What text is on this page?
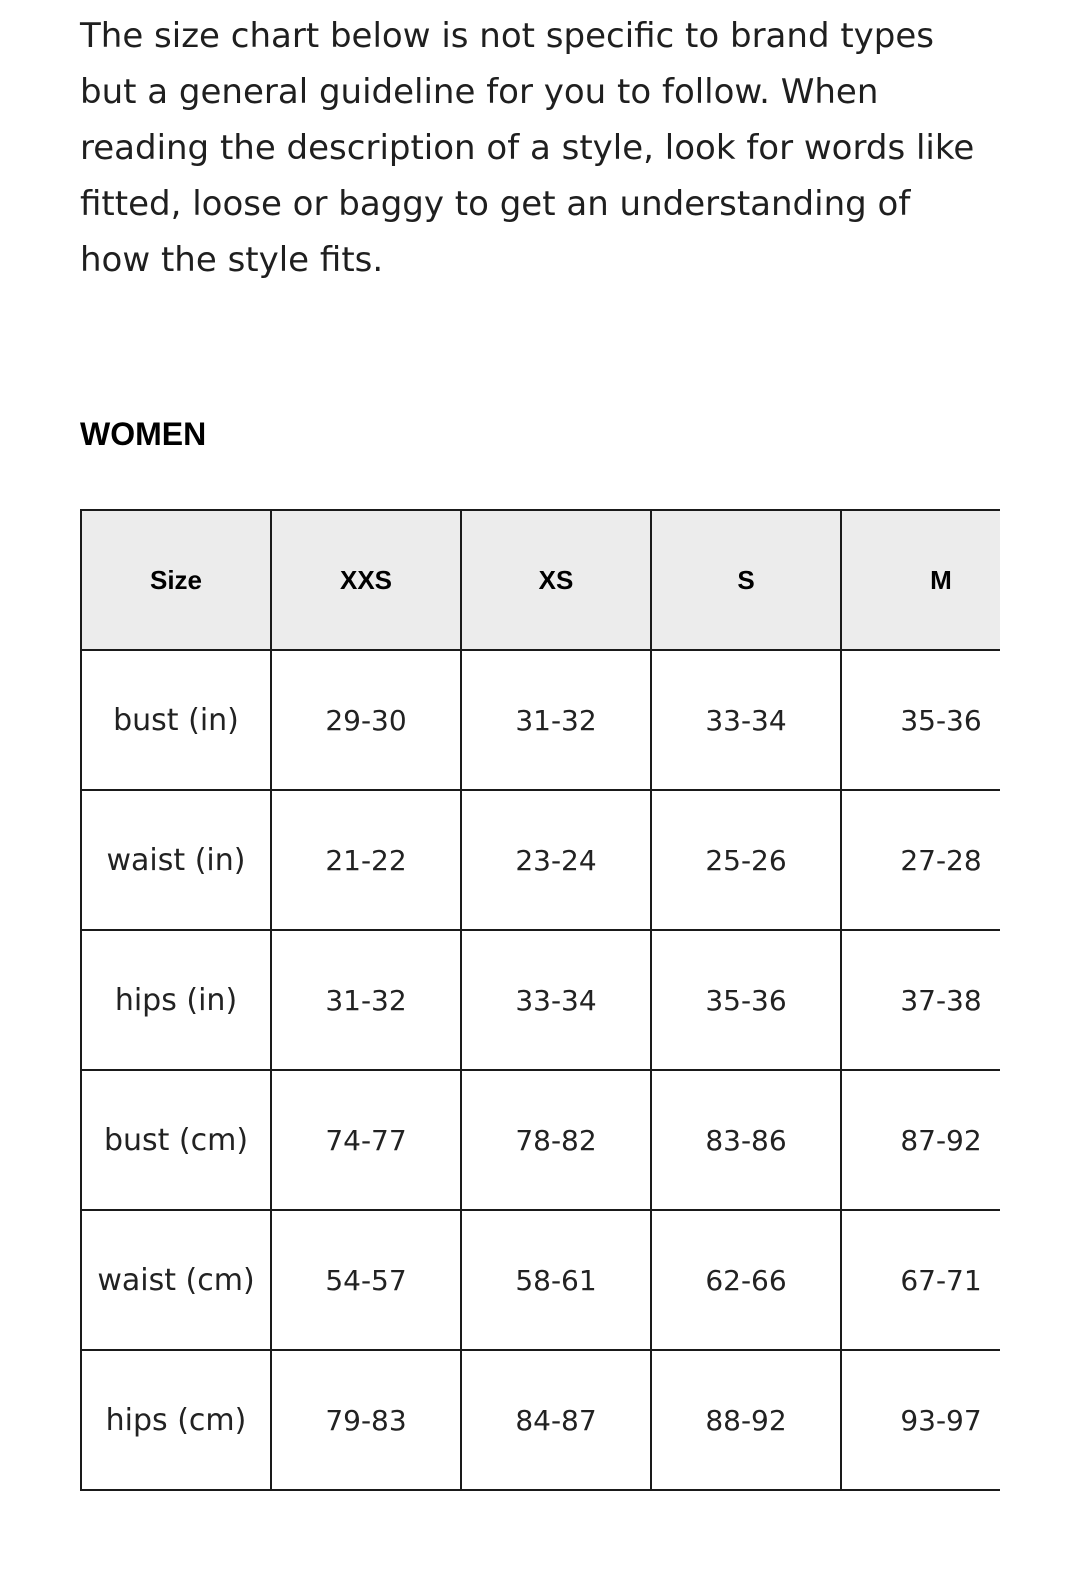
The size chart below is not specific to brand types but a general guideline for you to follow. When reading the description of a style, look for words like fitted, loose or baggy to get an understanding of how the style fits.

WOMEN
Size	XXS	XS	S	M
bust (in)	29-30	31-32	33-34	35-36
waist (in)	21-22	23-24	25-26	27-28
hips (in)	31-32	33-34	35-36	37-38
bust (cm)	74-77	78-82	83-86	87-92
waist (cm)	54-57	58-61	62-66	67-71
hips (cm)	79-83	84-87	88-92	93-97
